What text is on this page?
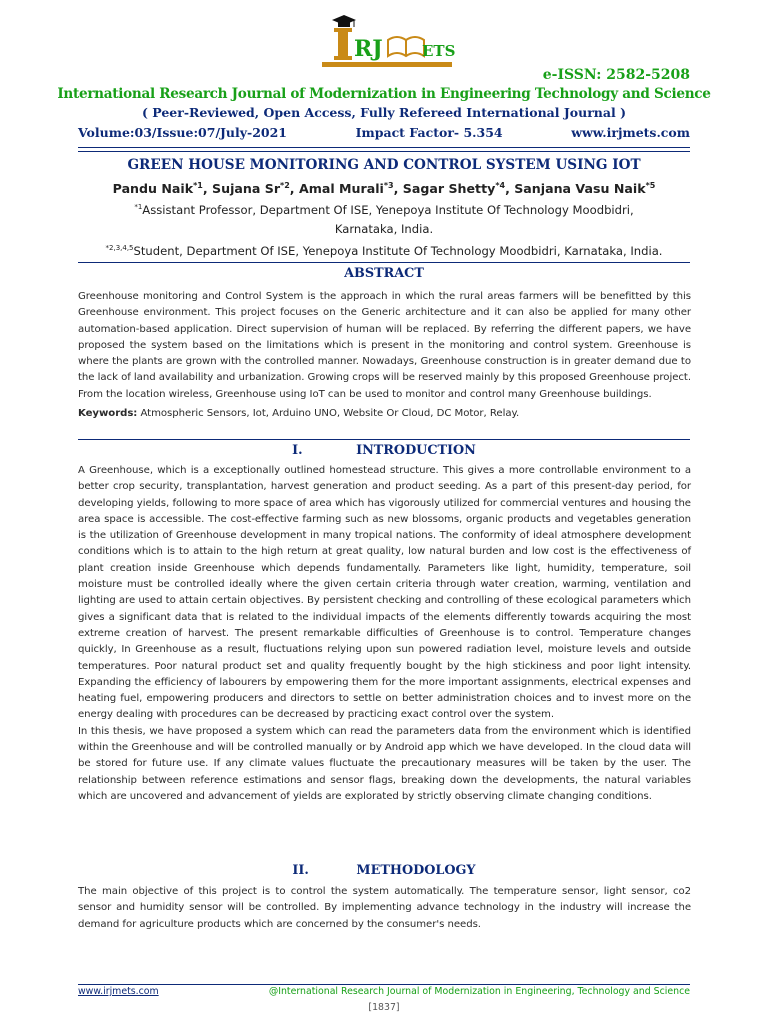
RJ	ETS
e-ISSN: 2582-5208
International Research Journal of Modernization in Engineering Technology and Science
( Peer-Reviewed, Open Access, Fully Refereed International Journal )
Volume:03/Issue:07/July-2021	Impact Factor- 5.354	www.irjmets.com
GREEN HOUSE MONITORING AND CONTROL SYSTEM USING IOT
Pandu Naik$^{*1}$, Sujana Sr$^{*2}$, Amal Murali$^{*3}$, Sagar Shetty$^{*4}$, Sanjana Vasu Naik$^{*5}$
$^{*1}$Assistant Professor, Department Of ISE, Yenepoya Institute Of Technology Moodbidri,
Karnataka, India.
$^{*2,3,4,5}$Student, Department Of ISE, Yenepoya Institute Of Technology Moodbidri, Karnataka, India.
ABSTRACT

Greenhouse monitoring and Control System is the approach in which the rural areas farmers will be benefitted by this Greenhouse environment. This project focuses on the Generic architecture and it can also be applied for many other automation-based application. Direct supervision of human will be replaced. By referring the different papers, we have proposed the system based on the limitations which is present in the monitoring and control system. Greenhouse is where the plants are grown with the controlled manner. Nowadays, Greenhouse construction is in greater demand due to the lack of land availability and urbanization. Growing crops will be reserved mainly by this proposed Greenhouse project. From the location wireless, Greenhouse using IoT can be used to monitor and control many Greenhouse buildings.

Keywords: Atmospheric Sensors, Iot, Arduino UNO, Website Or Cloud, DC Motor, Relay.

I.	INTRODUCTION

A Greenhouse, which is a exceptionally outlined homestead structure. This gives a more controllable environment to a better crop security, transplantation, harvest generation and product seeding. As a part of this present-day period, for developing yields, following to more space of area which has vigorously utilized for commercial ventures and housing the area space is accessible. The cost-effective farming such as new blossoms, organic products and vegetables generation is the utilization of Greenhouse development in many tropical nations. The conformity of ideal atmosphere development conditions which is to attain to the high return at great quality, low natural burden and low cost is the effectiveness of plant creation inside Greenhouse which depends fundamentally. Parameters like light, humidity, temperature, soil moisture must be controlled ideally where the given certain criteria through water creation, warming, ventilation and lighting are used to attain certain objectives. By persistent checking and controlling of these ecological parameters which gives a significant data that is related to the individual impacts of the elements differently towards acquiring the most extreme creation of harvest. The present remarkable difficulties of Greenhouse is to control. Temperature changes quickly, In Greenhouse as a result, fluctuations relying upon sun powered radiation level, moisture levels and outside temperatures. Poor natural product set and quality frequently bought by the high stickiness and poor light intensity. Expanding the efficiency of labourers by empowering them for the more important assignments, electrical expenses and heating fuel, empowering producers and directors to settle on better administration choices and to invest more on the energy dealing with procedures can be decreased by practicing exact control over the system.

In this thesis, we have proposed a system which can read the parameters data from the environment which is identified within the Greenhouse and will be controlled manually or by Android app which we have developed. In the cloud data will be stored for future use. If any climate values fluctuate the precautionary measures will be taken by the user. The relationship between reference estimations and sensor flags, breaking down the developments, the natural variables which are uncovered and advancement of yields are explorated by strictly observing climate changing conditions.

II.	METHODOLOGY

The main objective of this project is to control the system automatically. The temperature sensor, light sensor, co2 sensor and humidity sensor will be controlled. By implementing advance technology in the industry will increase the demand for agriculture products which are concerned by the consumer's needs.

www.irjmets.com	@International Research Journal of Modernization in Engineering, Technology and Science
[1837]
